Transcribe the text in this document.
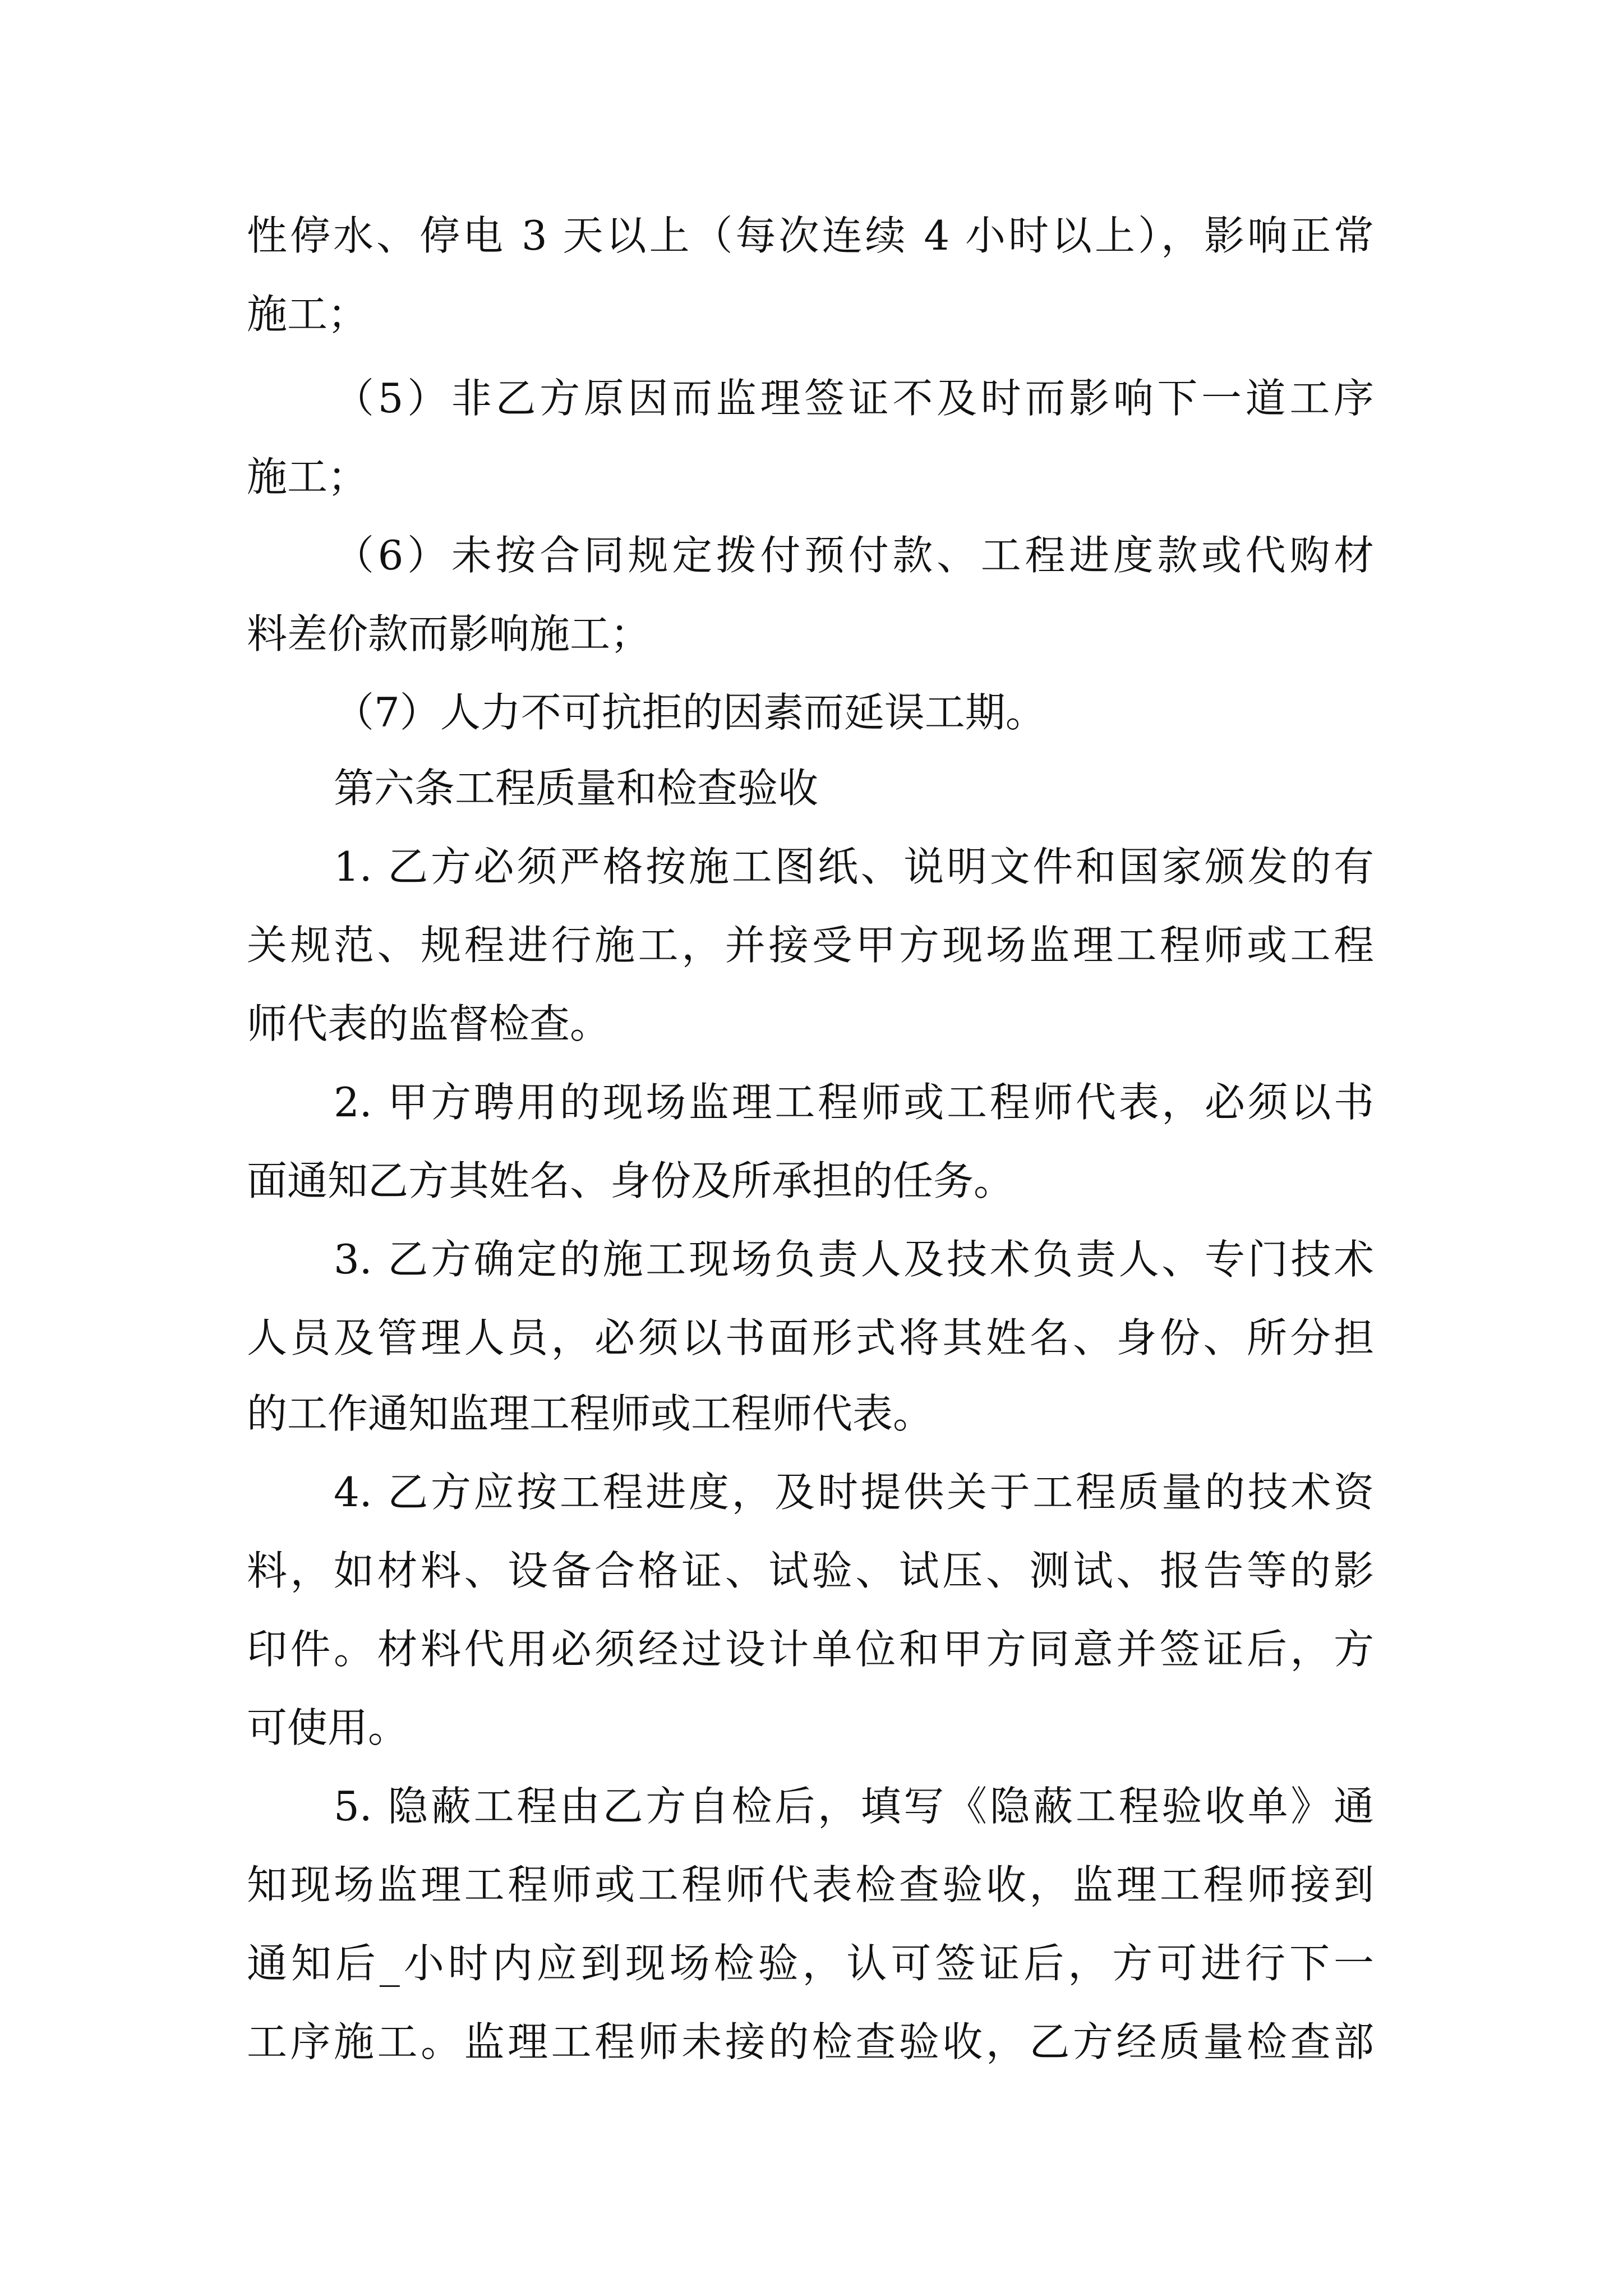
性停水、停电 3 天以上（每次连续 4 小时以上），影响正常
施工；
（5）非乙方原因而监理签证不及时而影响下一道工序
施工；
（6）未按合同规定拨付预付款、工程进度款或代购材
料差价款而影响施工；
（7）人力不可抗拒的因素而延误工期。
第六条工程质量和检查验收
1. 乙方必须严格按施工图纸、说明文件和国家颁发的有
关规范、规程进行施工，并接受甲方现场监理工程师或工程
师代表的监督检查。
2. 甲方聘用的现场监理工程师或工程师代表，必须以书
面通知乙方其姓名、身份及所承担的任务。
3. 乙方确定的施工现场负责人及技术负责人、专门技术
人员及管理人员，必须以书面形式将其姓名、身份、所分担
的工作通知监理工程师或工程师代表。
4. 乙方应按工程进度，及时提供关于工程质量的技术资
料，如材料、设备合格证、试验、试压、测试、报告等的影
印件。材料代用必须经过设计单位和甲方同意并签证后，方
可使用。
5. 隐蔽工程由乙方自检后，填写《隐蔽工程验收单》通
知现场监理工程师或工程师代表检查验收，监理工程师接到
通知后_小时内应到现场检验，认可签证后，方可进行下一
工序施工。监理工程师未接的检查验收，乙方经质量检查部
